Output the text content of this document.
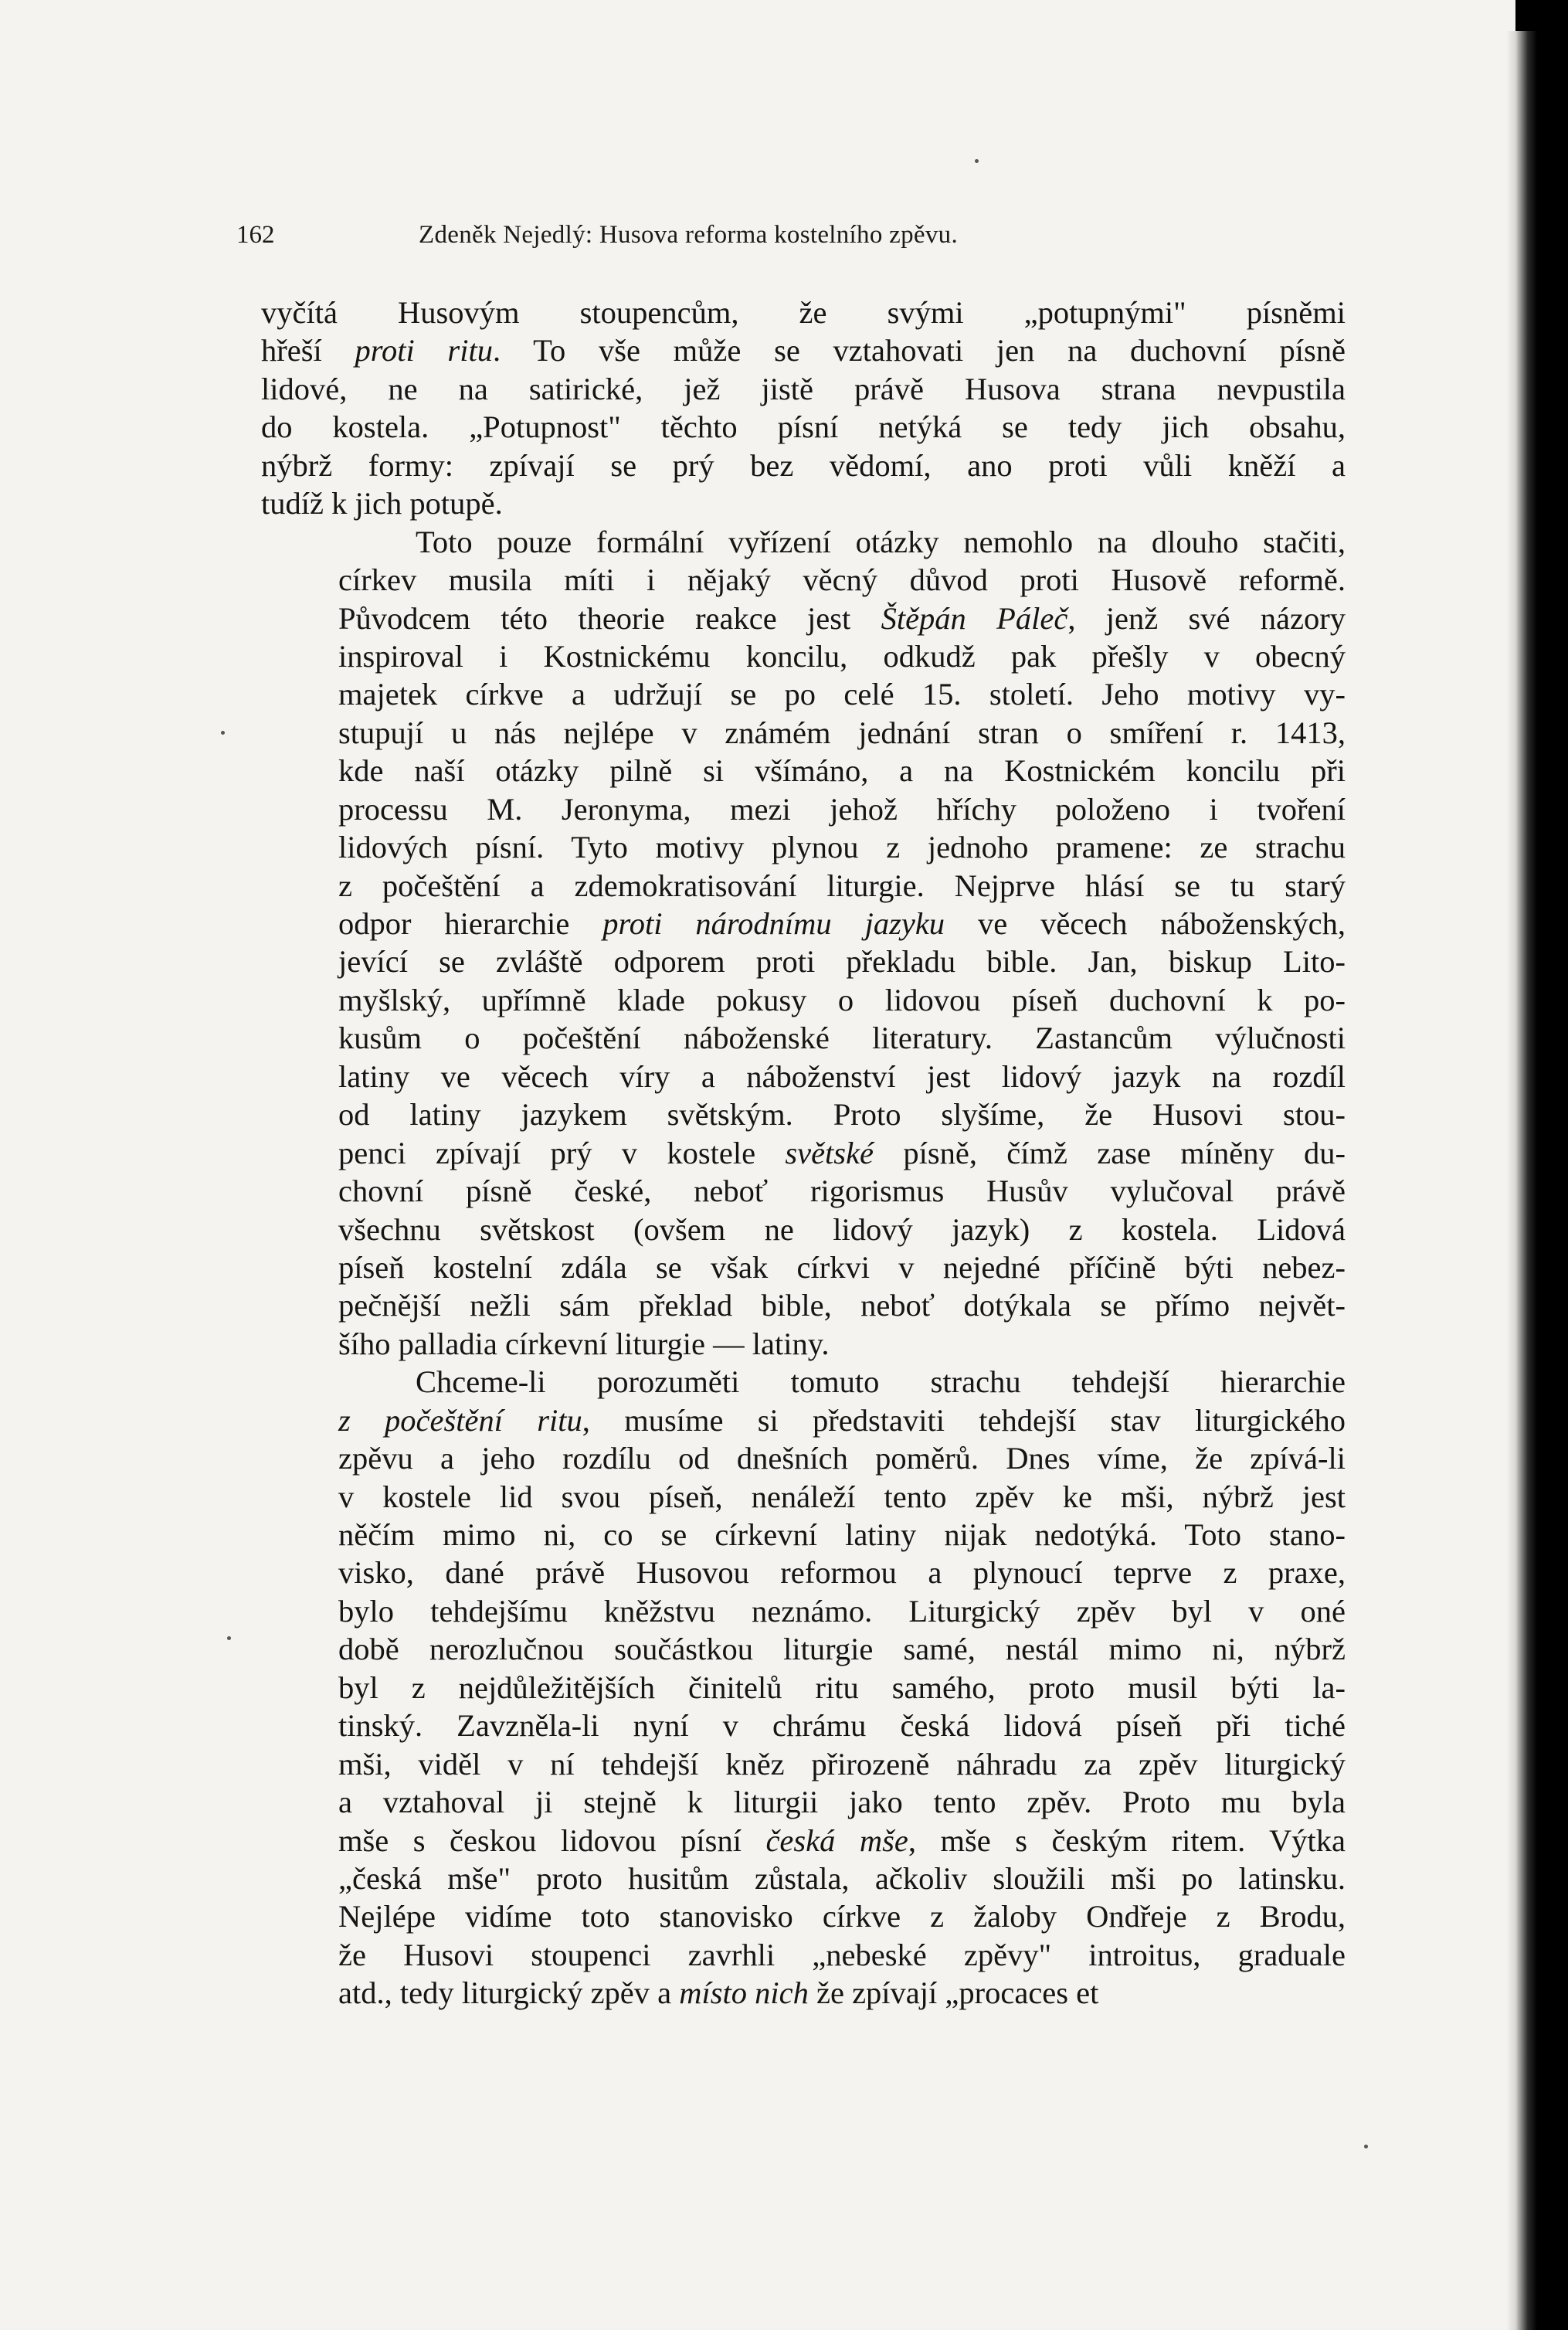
162	Zdeněk Nejedlý: Husova reforma kostelního zpěvu.
vyčítá Husovým stoupencům, že svými „potupnými" písněmi
hřeší proti ritu. To vše může se vztahovati jen na duchovní písně
lidové, ne na satirické, jež jistě právě Husova strana nevpustila
do kostela. „Potupnost" těchto písní netýká se tedy jich obsahu,
nýbrž formy: zpívají se prý bez vědomí, ano proti vůli kněží a
tudíž k jich potupě.
Toto pouze formální vyřízení otázky nemohlo na dlouho stačiti,
církev musila míti i nějaký věcný důvod proti Husově reformě.
Původcem této theorie reakce jest Štěpán Páleč, jenž své názory
inspiroval i Kostnickému koncilu, odkudž pak přešly v obecný
majetek církve a udržují se po celé 15. století. Jeho motivy vy-
stupují u nás nejlépe v známém jednání stran o smíření r. 1413,
kde naší otázky pilně si všímáno, a na Kostnickém koncilu při
processu M. Jeronyma, mezi jehož hříchy položeno i tvoření
lidových písní. Tyto motivy plynou z jednoho pramene: ze strachu
z počeštění a zdemokratisování liturgie. Nejprve hlásí se tu starý
odpor hierarchie proti národnímu jazyku ve věcech náboženských,
jevící se zvláště odporem proti překladu bible. Jan, biskup Lito-
myšlský, upřímně klade pokusy o lidovou píseň duchovní k po-
kusům o počeštění náboženské literatury. Zastancům výlučnosti
latiny ve věcech víry a náboženství jest lidový jazyk na rozdíl
od latiny jazykem světským. Proto slyšíme, že Husovi stou-
penci zpívají prý v kostele světské písně, čímž zase míněny du-
chovní písně české, neboť rigorismus Husův vylučoval právě
všechnu světskost (ovšem ne lidový jazyk) z kostela. Lidová
píseň kostelní zdála se však církvi v nejedné příčině býti nebez-
pečnější nežli sám překlad bible, neboť dotýkala se přímo největ-
šího palladia církevní liturgie — latiny.
Chceme-li porozuměti tomuto strachu tehdejší hierarchie
z počeštění ritu, musíme si představiti tehdejší stav liturgického
zpěvu a jeho rozdílu od dnešních poměrů. Dnes víme, že zpívá-li
v kostele lid svou píseň, nenáleží tento zpěv ke mši, nýbrž jest
něčím mimo ni, co se církevní latiny nijak nedotýká. Toto stano-
visko, dané právě Husovou reformou a plynoucí teprve z praxe,
bylo tehdejšímu kněžstvu neznámo. Liturgický zpěv byl v oné
době nerozlučnou součástkou liturgie samé, nestál mimo ni, nýbrž
byl z nejdůležitějších činitelů ritu samého, proto musil býti la-
tinský. Zavzněla-li nyní v chrámu česká lidová píseň při tiché
mši, viděl v ní tehdejší kněz přirozeně náhradu za zpěv liturgický
a vztahoval ji stejně k liturgii jako tento zpěv. Proto mu byla
mše s českou lidovou písní česká mše, mše s českým ritem. Výtka
„česká mše" proto husitům zůstala, ačkoliv sloužili mši po latinsku.
Nejlépe vidíme toto stanovisko církve z žaloby Ondřeje z Brodu,
že Husovi stoupenci zavrhli „nebeské zpěvy" introitus, graduale
atd., tedy liturgický zpěv a místo nich že zpívají „procaces et
